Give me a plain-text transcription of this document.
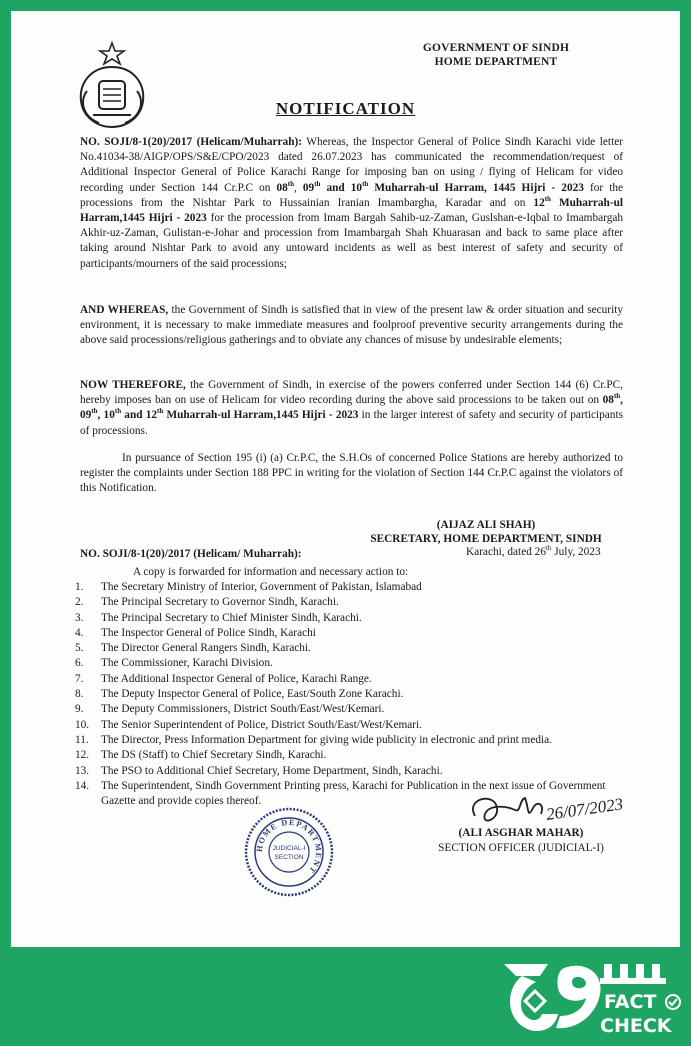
GOVERNMENT OF SINDH
HOME DEPARTMENT
NOTIFICATION
NO. SOJI/8-1(20)/2017 (Helicam/Muharrah): Whereas, the Inspector General of Police Sindh Karachi vide letter No.41034-38/AIGP/OPS/S&E/CPO/2023 dated 26.07.2023 has communicated the recommendation/request of Additional Inspector General of Police Karachi Range for imposing ban on using / flying of Helicam for video recording under Section 144 Cr.P.C on 08th, 09th and 10th Muharrah-ul Harram, 1445 Hijri - 2023 for the processions from the Nishtar Park to Hussainian Iranian Imambargha, Karadar and on 12th Muharrah-ul Harram,1445 Hijri - 2023 for the procession from Imam Bargah Sahib-uz-Zaman, Guslshan-e-Iqbal to Imambargah Akhir-uz-Zaman, Gulistan-e-Johar and procession from Imambargah Shah Khuarasan and back to same place after taking around Nishtar Park to avoid any untoward incidents as well as best interest of safety and security of participants/mourners of the said processions;
AND WHEREAS, the Government of Sindh is satisfied that in view of the present law & order situation and security environment, it is necessary to make immediate measures and foolproof preventive security arrangements during the above said processions/religious gatherings and to obviate any chances of misuse by undesirable elements;
NOW THEREFORE, the Government of Sindh, in exercise of the powers conferred under Section 144 (6) Cr.PC, hereby imposes ban on use of Helicam for video recording during the above said processions to be taken out on 08th, 09th, 10th and 12th Muharrah-ul Harram,1445 Hijri - 2023 in the larger interest of safety and security of participants of processions.
In pursuance of Section 195 (i) (a) Cr.P.C, the S.H.Os of concerned Police Stations are hereby authorized to register the complaints under Section 188 PPC in writing for the violation of Section 144 Cr.P.C against the violators of this Notification.
(AIJAZ ALI SHAH)
SECRETARY, HOME DEPARTMENT, SINDH
NO. SOJI/8-1(20)/2017 (Helicam/ Muharrah):	Karachi, dated 26th July, 2023
A copy is forwarded for information and necessary action to:
1.	The Secretary Ministry of Interior, Government of Pakistan, Islamabad
2.	The Principal Secretary to Governor Sindh, Karachi.
3.	The Principal Secretary to Chief Minister Sindh, Karachi.
4.	The Inspector General of Police Sindh, Karachi
5.	The Director General Rangers Sindh, Karachi.
6.	The Commissioner, Karachi Division.
7.	The Additional Inspector General of Police, Karachi Range.
8.	The Deputy Inspector General of Police, East/South Zone Karachi.
9.	The Deputy Commissioners, District South/East/West/Kemari.
10.	The Senior Superintendent of Police, District South/East/West/Kemari.
11.	The Director, Press Information Department for giving wide publicity in electronic and print media.
12.	The DS (Staff) to Chief Secretary Sindh, Karachi.
13.	The PSO to Additional Chief Secretary, Home Department, Sindh, Karachi.
14.	The Superintendent, Sindh Government Printing press, Karachi for Publication in the next issue of Government Gazette and provide copies thereof.
HOME DEPARTMENT
JUDICIAL-I
SECTION
26/07/2023
(ALI ASGHAR MAHAR)
SECTION OFFICER (JUDICIAL-I)
FACT
CHECK
